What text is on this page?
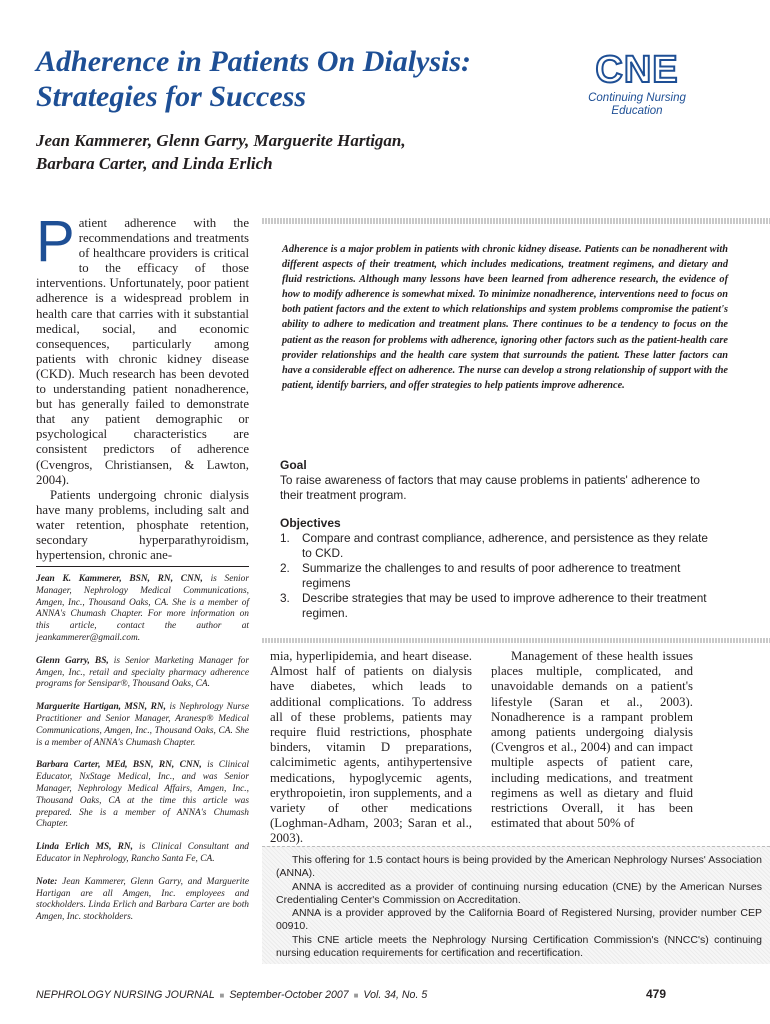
Adherence in Patients On Dialysis:
Strategies for Success
Jean Kammerer, Glenn Garry, Marguerite Hartigan,
Barbara Carter, and Linda Erlich
CNE
Continuing Nursing
Education

Patient adherence with the recommendations and treatments of healthcare providers is critical to the efficacy of those interventions. Unfortunately, poor patient adherence is a widespread problem in health care that carries with it substantial medical, social, and economic consequences, particularly among patients with chronic kidney disease (CKD). Much research has been devoted to understanding patient nonadherence, but has generally failed to demonstrate that any patient demographic or psychological characteristics are consistent predictors of adherence (Cvengros, Christiansen, & Lawton, 2004).

Patients undergoing chronic dialysis have many problems, including salt and water retention, phosphate retention, secondary hyperparathyroidism, hypertension, chronic ane-

Jean K. Kammerer, BSN, RN, CNN, is Senior Manager, Nephrology Medical Communications, Amgen, Inc., Thousand Oaks, CA. She is a member of ANNA's Chumash Chapter. For more information on this article, contact the author at jeankammerer@gmail.com.
Glenn Garry, BS, is Senior Marketing Manager for Amgen, Inc., retail and specialty pharmacy adherence programs for Sensipar®, Thousand Oaks, CA.
Marguerite Hartigan, MSN, RN, is Nephrology Nurse Practitioner and Senior Manager, Aranesp® Medical Communications, Amgen, Inc., Thousand Oaks, CA. She is a member of ANNA's Chumash Chapter.
Barbara Carter, MEd, BSN, RN, CNN, is Clinical Educator, NxStage Medical, Inc., and was Senior Manager, Nephrology Medical Affairs, Amgen, Inc., Thousand Oaks, CA at the time this article was prepared. She is a member of ANNA's Chumash Chapter.
Linda Erlich MS, RN, is Clinical Consultant and Educator in Nephrology, Rancho Santa Fe, CA.
Note: Jean Kammerer, Glenn Garry, and Marguerite Hartigan are all Amgen, Inc. employees and stockholders. Linda Erlich and Barbara Carter are both Amgen, Inc. stockholders.

Adherence is a major problem in patients with chronic kidney disease. Patients can be nonadherent with different aspects of their treatment, which includes medications, treatment regimens, and dietary and fluid restrictions. Although many lessons have been learned from adherence research, the evidence of how to modify adherence is somewhat mixed. To minimize nonadherence, interventions need to focus on both patient factors and the extent to which relationships and system problems compromise the patient's ability to adhere to medication and treatment plans. There continues to be a tendency to focus on the patient as the reason for problems with adherence, ignoring other factors such as the patient-health care provider relationships and the health care system that surrounds the patient. These latter factors can have a considerable effect on adherence. The nurse can develop a strong relationship of support with the patient, identify barriers, and offer strategies to help patients improve adherence.

Goal
To raise awareness of factors that may cause problems in patients' adherence to their treatment program.
Objectives
1. Compare and contrast compliance, adherence, and persistence as they relate to CKD.
2. Summarize the challenges to and results of poor adherence to treatment regimens
3. Describe strategies that may be used to improve adherence to their treatment regimen.

mia, hyperlipidemia, and heart disease. Almost half of patients on dialysis have diabetes, which leads to additional complications. To address all of these problems, patients may require fluid restrictions, phosphate binders, vitamin D preparations, calcimimetic agents, antihypertensive medications, hypoglycemic agents, erythropoietin, iron supplements, and a variety of other medications (Loghman-Adham, 2003; Saran et al., 2003).

Management of these health issues places multiple, complicated, and unavoidable demands on a patient's lifestyle (Saran et al., 2003). Nonadherence is a rampant problem among patients undergoing dialysis (Cvengros et al., 2004) and can impact multiple aspects of patient care, including medications, and treatment regimens as well as dietary and fluid restrictions Overall, it has been estimated that about 50% of

This offering for 1.5 contact hours is being provided by the American Nephrology Nurses' Association (ANNA).

ANNA is accredited as a provider of continuing nursing education (CNE) by the American Nurses Credentialing Center's Commission on Accreditation.

ANNA is a provider approved by the California Board of Registered Nursing, provider number CEP 00910.

This CNE article meets the Nephrology Nursing Certification Commission's (NNCC's) continuing nursing education requirements for certification and recertification.

NEPHROLOGY NURSING JOURNAL ■ September-October 2007 ■ Vol. 34, No. 5	479
